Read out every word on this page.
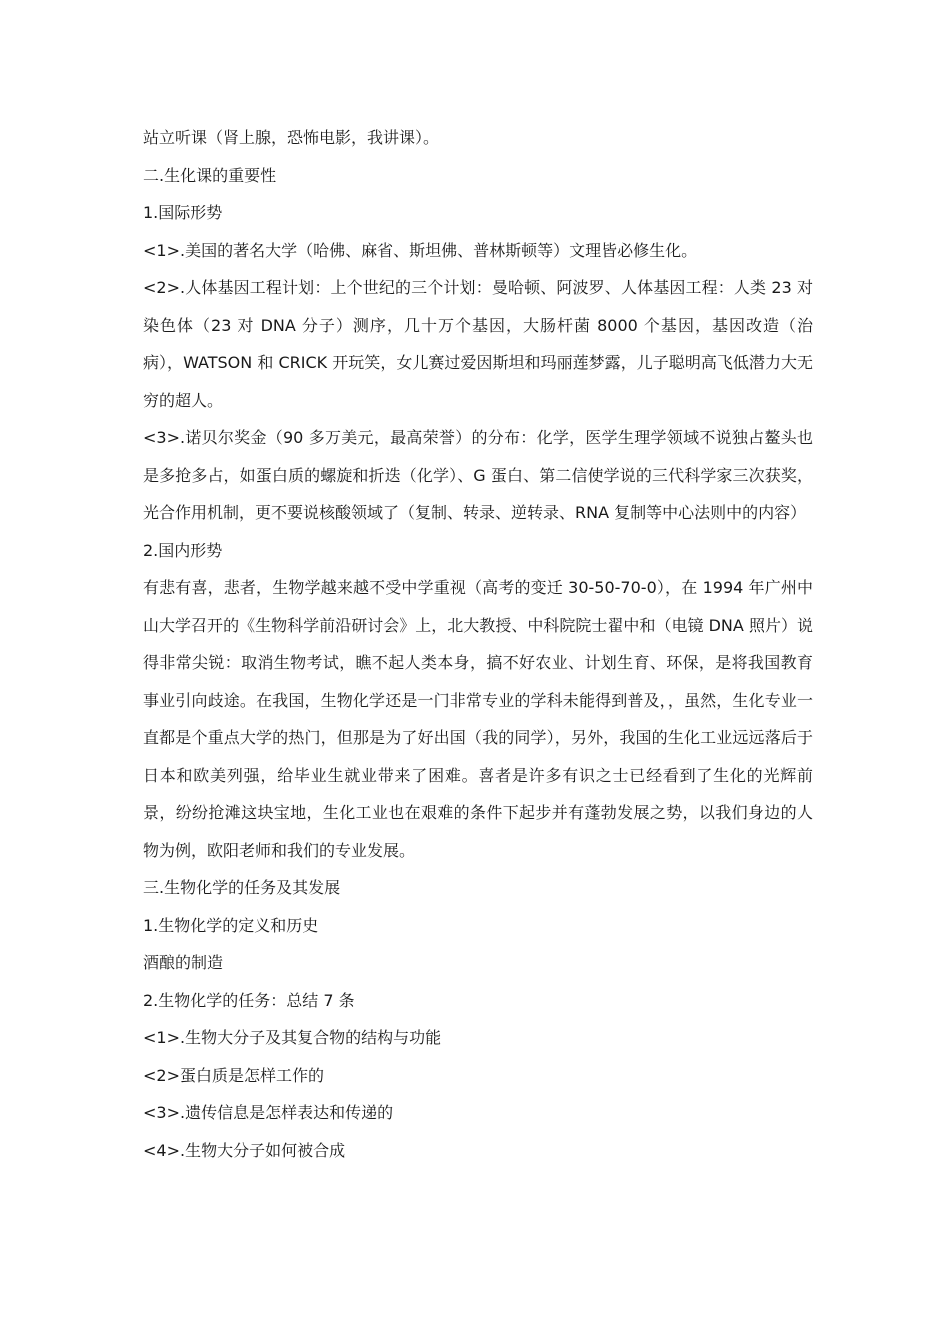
站立听课（肾上腺，恐怖电影，我讲课）。

二.生化课的重要性

1.国际形势

<1>.美国的著名大学（哈佛、麻省、斯坦佛、普林斯顿等）文理皆必修生化。

<2>.人体基因工程计划：上个世纪的三个计划：曼哈顿、阿波罗、人体基因工程：人类 23 对染色体（23 对 DNA 分子）测序，几十万个基因，大肠杆菌 8000 个基因，基因改造（治病），WATSON 和 CRICK 开玩笑，女儿赛过爱因斯坦和玛丽莲梦露，儿子聪明高飞低潜力大无穷的超人。

<3>.诺贝尔奖金（90 多万美元，最高荣誉）的分布：化学，医学生理学领域不说独占鳌头也是多抢多占，如蛋白质的螺旋和折迭（化学）、G 蛋白、第二信使学说的三代科学家三次获奖，光合作用机制，更不要说核酸领域了（复制、转录、逆转录、RNA 复制等中心法则中的内容）

2.国内形势

有悲有喜，悲者，生物学越来越不受中学重视（高考的变迁 30-50-70-0），在 1994 年广州中山大学召开的《生物科学前沿研讨会》上，北大教授、中科院院士翟中和（电镜 DNA 照片）说得非常尖锐：取消生物考试，瞧不起人类本身，搞不好农业、计划生育、环保，是将我国教育事业引向歧途。在我国，生物化学还是一门非常专业的学科未能得到普及，，虽然，生化专业一直都是个重点大学的热门，但那是为了好出国（我的同学），另外，我国的生化工业远远落后于日本和欧美列强，给毕业生就业带来了困难。喜者是许多有识之士已经看到了生化的光辉前景，纷纷抢滩这块宝地，生化工业也在艰难的条件下起步并有蓬勃发展之势，以我们身边的人物为例，欧阳老师和我们的专业发展。

三.生物化学的任务及其发展

1.生物化学的定义和历史

酒酿的制造

2.生物化学的任务：总结 7 条

<1>.生物大分子及其复合物的结构与功能

<2>蛋白质是怎样工作的

<3>.遗传信息是怎样表达和传递的

<4>.生物大分子如何被合成
